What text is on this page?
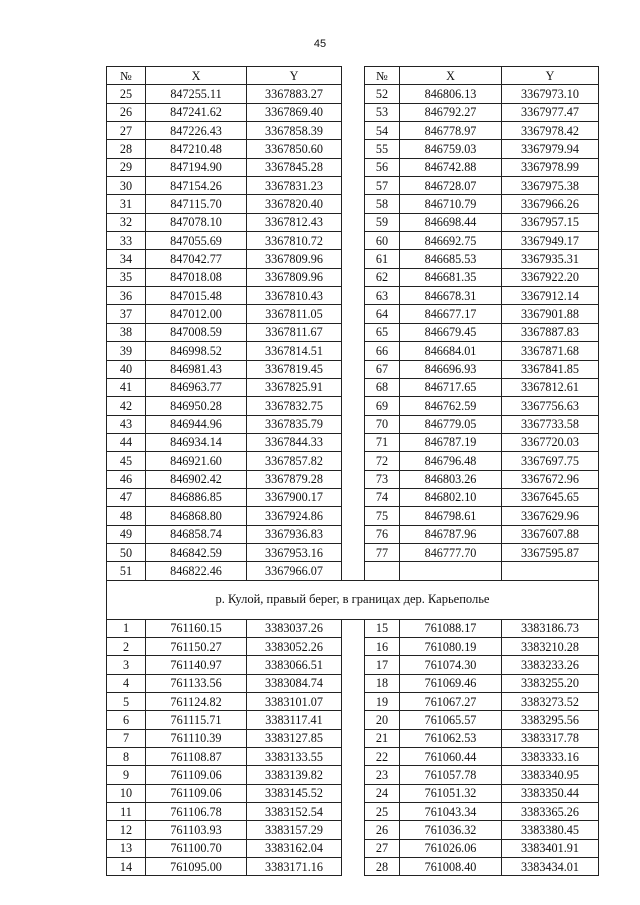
45
№	X	Y		№	X	Y
25	847255.11	3367883.27		52	846806.13	3367973.10
26	847241.62	3367869.40		53	846792.27	3367977.47
27	847226.43	3367858.39		54	846778.97	3367978.42
28	847210.48	3367850.60		55	846759.03	3367979.94
29	847194.90	3367845.28		56	846742.88	3367978.99
30	847154.26	3367831.23		57	846728.07	3367975.38
31	847115.70	3367820.40		58	846710.79	3367966.26
32	847078.10	3367812.43		59	846698.44	3367957.15
33	847055.69	3367810.72		60	846692.75	3367949.17
34	847042.77	3367809.96		61	846685.53	3367935.31
35	847018.08	3367809.96		62	846681.35	3367922.20
36	847015.48	3367810.43		63	846678.31	3367912.14
37	847012.00	3367811.05		64	846677.17	3367901.88
38	847008.59	3367811.67		65	846679.45	3367887.83
39	846998.52	3367814.51		66	846684.01	3367871.68
40	846981.43	3367819.45		67	846696.93	3367841.85
41	846963.77	3367825.91		68	846717.65	3367812.61
42	846950.28	3367832.75		69	846762.59	3367756.63
43	846944.96	3367835.79		70	846779.05	3367733.58
44	846934.14	3367844.33		71	846787.19	3367720.03
45	846921.60	3367857.82		72	846796.48	3367697.75
46	846902.42	3367879.28		73	846803.26	3367672.96
47	846886.85	3367900.17		74	846802.10	3367645.65
48	846868.80	3367924.86		75	846798.61	3367629.96
49	846858.74	3367936.83		76	846787.96	3367607.88
50	846842.59	3367953.16		77	846777.70	3367595.87
51	846822.46	3367966.07				
р. Кулой, правый берег, в границах дер. Карьеполье						
1	761160.15	3383037.26		15	761088.17	3383186.73
2	761150.27	3383052.26		16	761080.19	3383210.28
3	761140.97	3383066.51		17	761074.30	3383233.26
4	761133.56	3383084.74		18	761069.46	3383255.20
5	761124.82	3383101.07		19	761067.27	3383273.52
6	761115.71	3383117.41		20	761065.57	3383295.56
7	761110.39	3383127.85		21	761062.53	3383317.78
8	761108.87	3383133.55		22	761060.44	3383333.16
9	761109.06	3383139.82		23	761057.78	3383340.95
10	761109.06	3383145.52		24	761051.32	3383350.44
11	761106.78	3383152.54		25	761043.34	3383365.26
12	761103.93	3383157.29		26	761036.32	3383380.45
13	761100.70	3383162.04		27	761026.06	3383401.91
14	761095.00	3383171.16		28	761008.40	3383434.01
